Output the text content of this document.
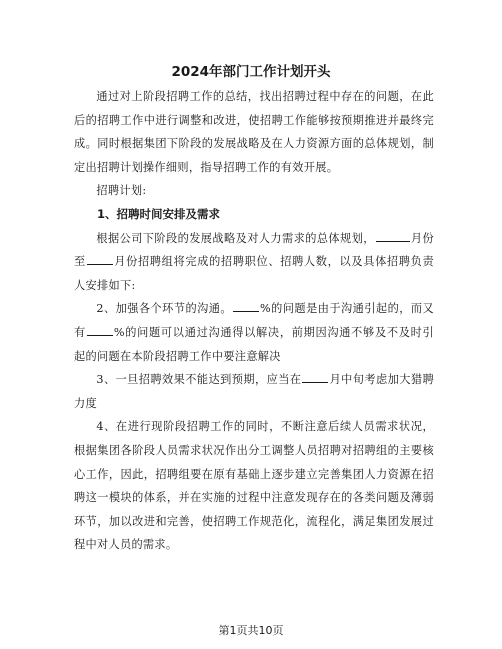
2024年部门工作计划开头

通过对上阶段招聘工作的总结，找出招聘过程中存在的问题，在此后的招聘工作中进行调整和改进，使招聘工作能够按预期推进并最终完成。同时根据集团下阶段的发展战略及在人力资源方面的总体规划，制定出招聘计划操作细则，指导招聘工作的有效开展。

招聘计划:

1、招聘时间安排及需求

根据公司下阶段的发展战略及对人力需求的总体规划，	月份至	月份招聘组将完成的招聘职位、招聘人数，以及具体招聘负责人安排如下:

2、加强各个环节的沟通。	%的问题是由于沟通引起的，而又有	%的问题可以通过沟通得以解决，前期因沟通不够及不及时引起的问题在本阶段招聘工作中要注意解决

3、一旦招聘效果不能达到预期，应当在	月中旬考虑加大猎聘力度

4、在进行现阶段招聘工作的同时，不断注意后续人员需求状况，根据集团各阶段人员需求状况作出分工调整人员招聘对招聘组的主要核心工作，因此，招聘组要在原有基础上逐步建立完善集团人力资源在招聘这一模块的体系，并在实施的过程中注意发现存在的各类问题及薄弱环节，加以改进和完善，使招聘工作规范化，流程化，满足集团发展过程中对人员的需求。

第1页共10页
